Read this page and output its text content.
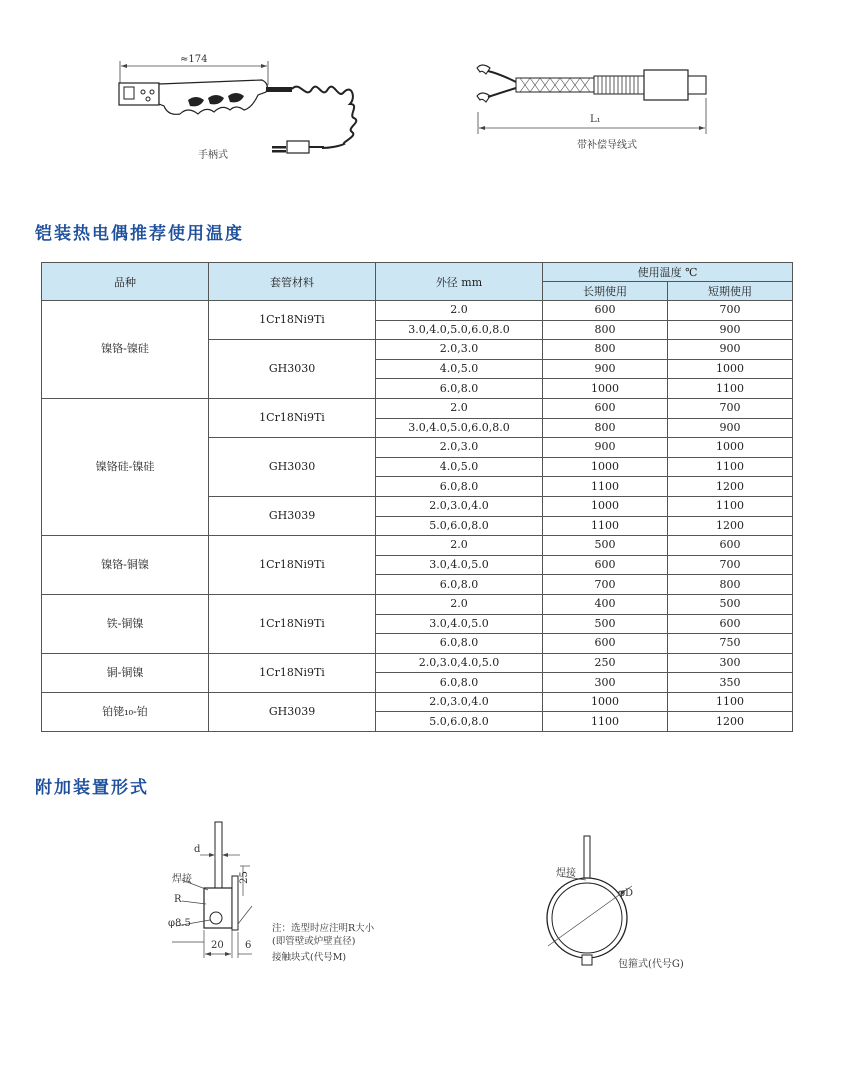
≈174
手柄式
L₁
带补偿导线式
铠装热电偶推荐使用温度
品种	套管材料	外径 mm	使用温度 ℃	
			长期使用	短期使用
镍铬-镍硅	1Cr18Ni9Ti	2.0	600	700
		3.0,4.0,5.0,6.0,8.0	800	900
	GH3030	2.0,3.0	800	900
		4.0,5.0	900	1000
		6.0,8.0	1000	1100
镍铬硅-镍硅	1Cr18Ni9Ti	2.0	600	700
		3.0,4.0,5.0,6.0,8.0	800	900
	GH3030	2.0,3.0	900	1000
		4.0,5.0	1000	1100
		6.0,8.0	1100	1200
	GH3039	2.0,3.0,4.0	1000	1100
		5.0,6.0,8.0	1100	1200
镍铬-铜镍	1Cr18Ni9Ti	2.0	500	600
		3.0,4.0,5.0	600	700
		6.0,8.0	700	800
铁-铜镍	1Cr18Ni9Ti	2.0	400	500
		3.0,4.0,5.0	500	600
		6.0,8.0	600	750
铜-铜镍	1Cr18Ni9Ti	2.0,3.0,4.0,5.0	250	300
		6.0,8.0	300	350
铂铑₁₀-铂	GH3039	2.0,3.0,4.0	1000	1100
		5.0,6.0,8.0	1100	1200
附加装置形式
d
焊接
R
φ8.5
25
20 6
注：选型时应注明R大小
(即管壁或炉壁直径)
接触块式(代号M)
焊接
φD
包箍式(代号G)
